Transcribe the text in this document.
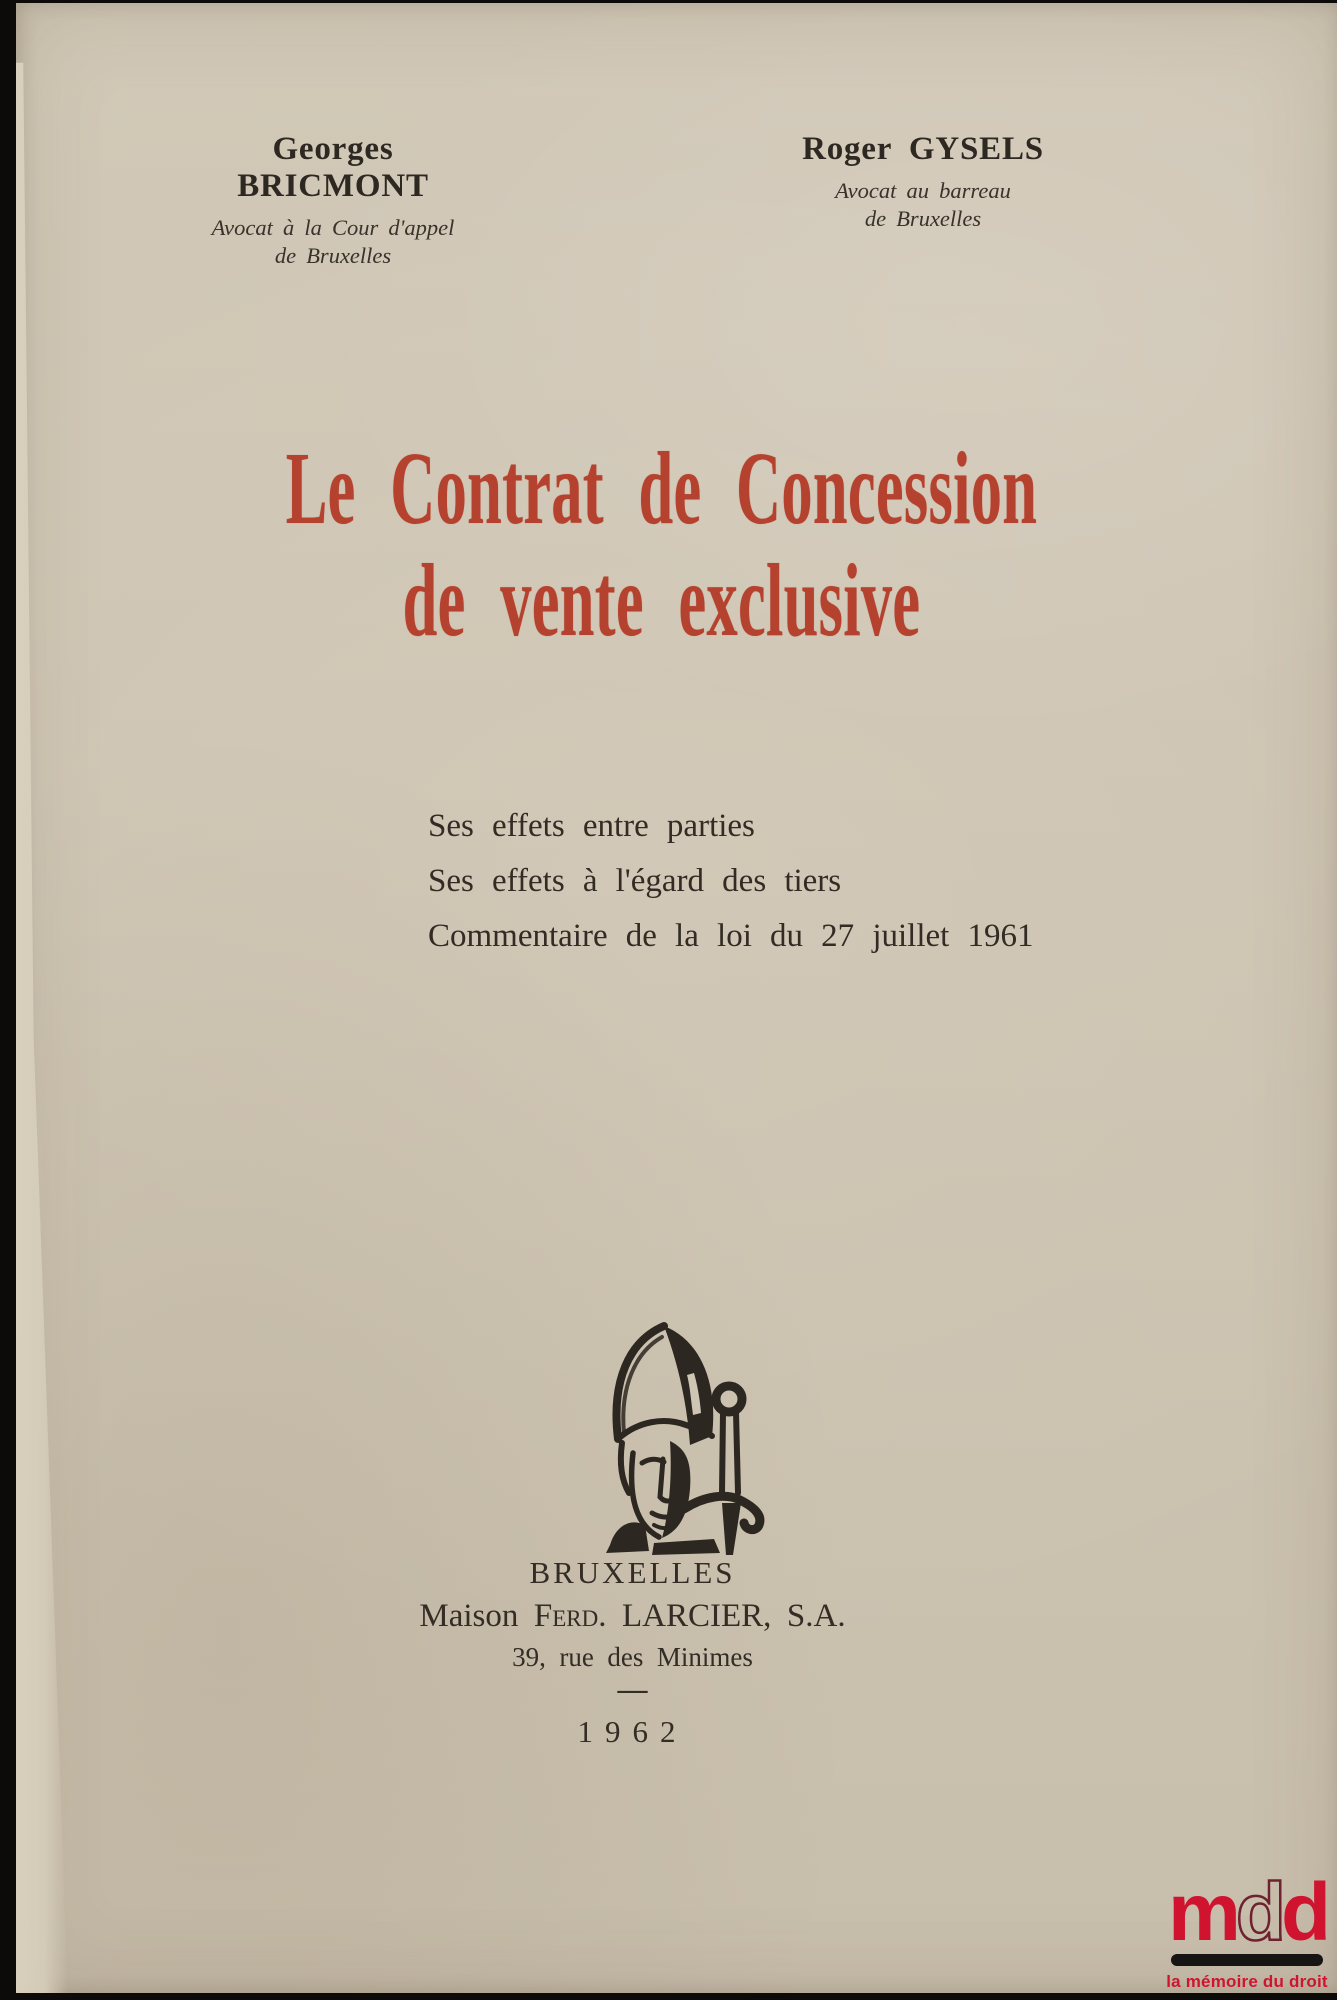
Georges BRICMONT
Avocat à la Cour d'appel
de Bruxelles
Roger GYSELS
Avocat au barreau
de Bruxelles
Le Contrat de Concession
de vente exclusive
Ses effets entre parties
Ses effets à l'égard des tiers
Commentaire de la loi du 27 juillet 1961
BRUXELLES
Maison Ferd. LARCIER, S.A.
39, rue des Minimes
—
1962
mdd
la mémoire du droit
